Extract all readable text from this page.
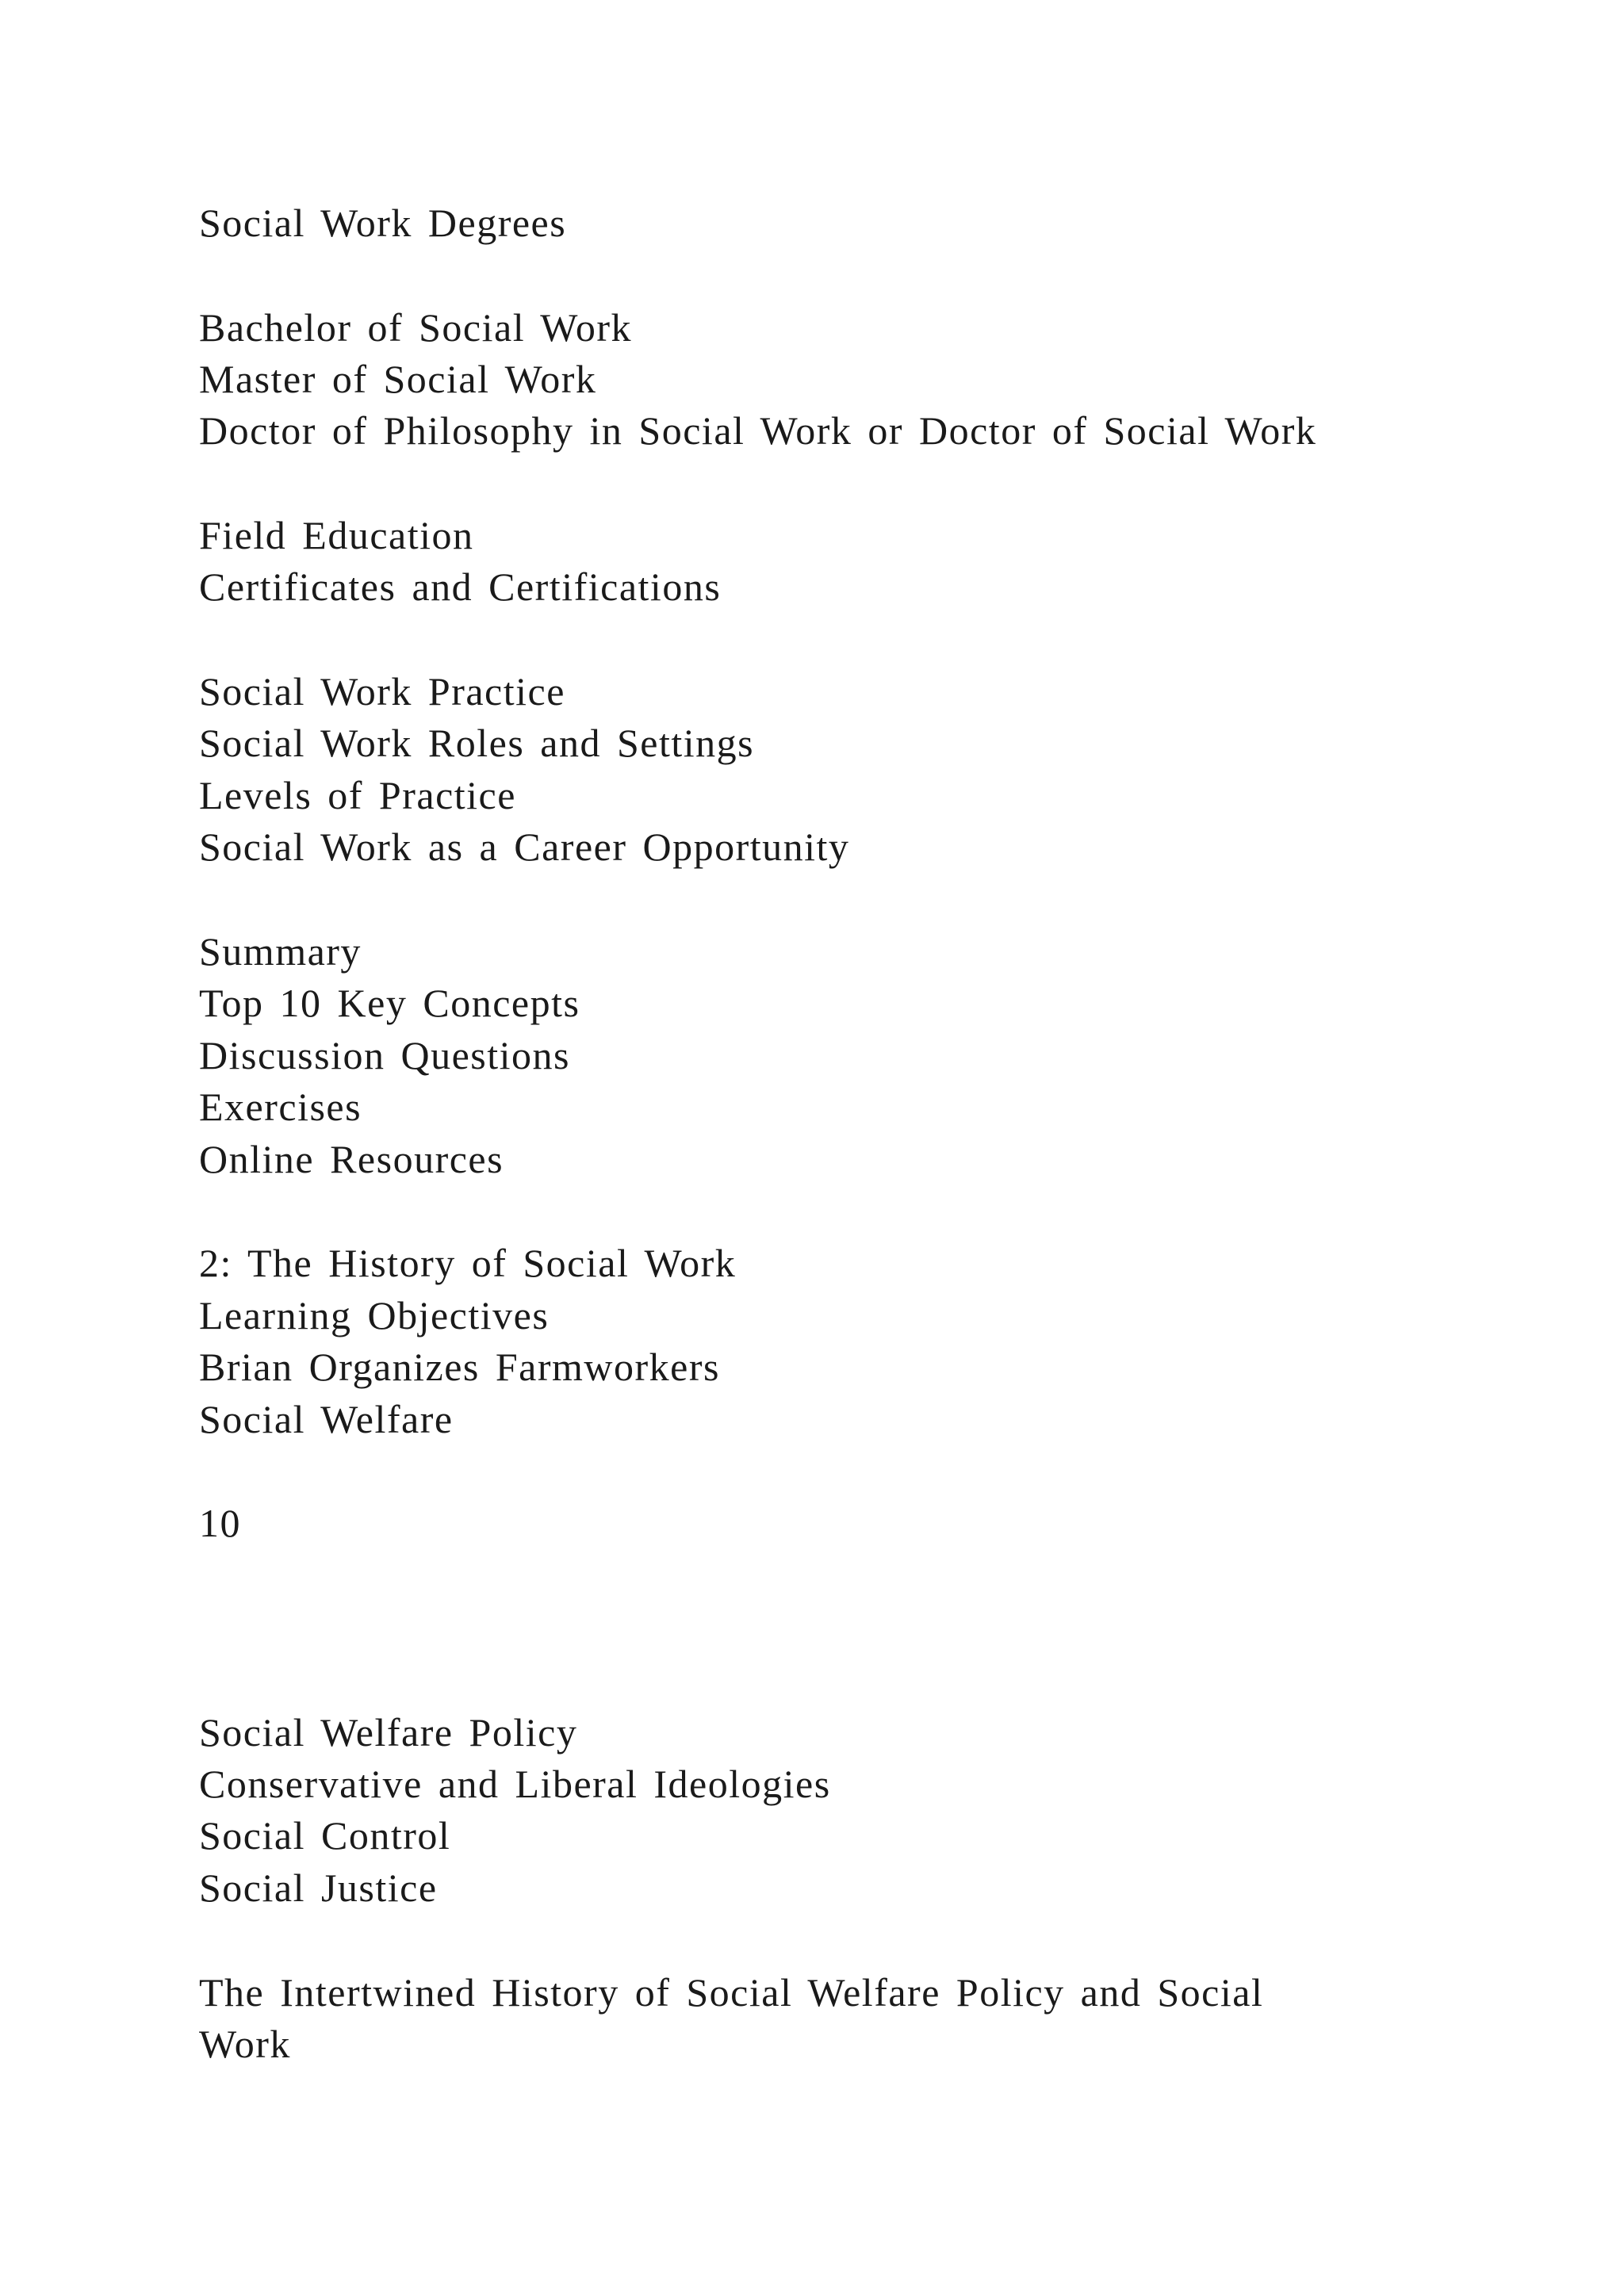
Social Work Degrees
Bachelor of Social Work
Master of Social Work
Doctor of Philosophy in Social Work or Doctor of Social Work
Field Education
Certificates and Certifications
Social Work Practice
Social Work Roles and Settings
Levels of Practice
Social Work as a Career Opportunity
Summary
Top 10 Key Concepts
Discussion Questions
Exercises
Online Resources
2: The History of Social Work
Learning Objectives
Brian Organizes Farmworkers
Social Welfare
10
Social Welfare Policy
Conservative and Liberal Ideologies
Social Control
Social Justice
The Intertwined History of Social Welfare Policy and Social
Work
